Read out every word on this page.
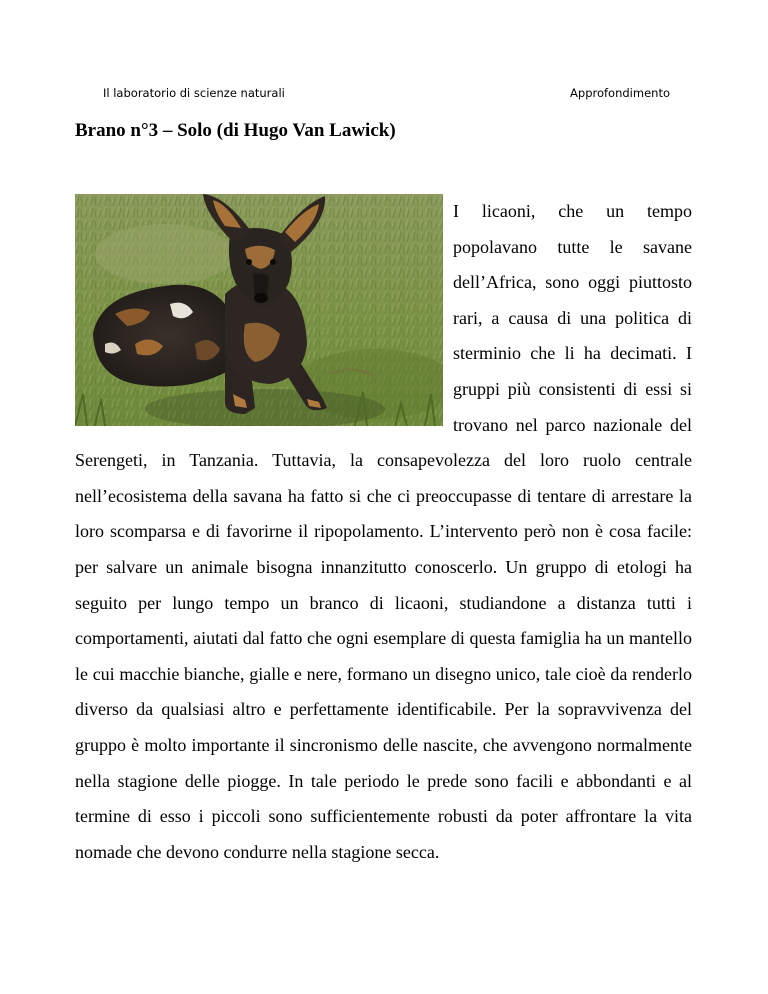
Il laboratorio di scienze naturali	Approfondimento
Brano n°3 – Solo (di Hugo Van Lawick)
I licaoni, che un tempo popolavano tutte le savane dell’Africa, sono oggi piuttosto rari, a causa di una politica di sterminio che li ha decimati. I gruppi più consistenti di essi si trovano nel parco nazionale del Serengeti, in Tanzania. Tuttavia, la consapevolezza del loro ruolo centrale nell’ecosistema della savana ha fatto si che ci preoccupasse di tentare di arrestare la loro scomparsa e di favorirne il ripopolamento. L’intervento però non è cosa facile: per salvare un animale bisogna innanzitutto conoscerlo. Un gruppo di etologi ha seguito per lungo tempo un branco di licaoni, studiandone a distanza tutti i comportamenti, aiutati dal fatto che ogni esemplare di questa famiglia ha un mantello le cui macchie bianche, gialle e nere, formano un disegno unico, tale cioè da renderlo diverso da qualsiasi altro e perfettamente identificabile. Per la sopravvivenza del gruppo è molto importante il sincronismo delle nascite, che avvengono normalmente nella stagione delle piogge. In tale periodo le prede sono facili e abbondanti e al termine di esso i piccoli sono sufficientemente robusti da poter affrontare la vita nomade che devono condurre nella stagione secca.
